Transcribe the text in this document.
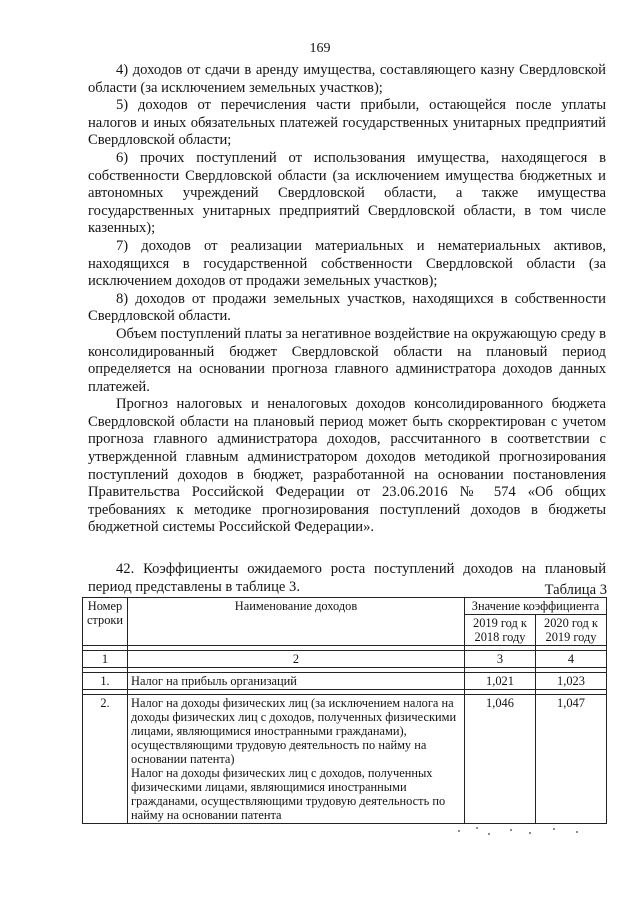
169

4) доходов от сдачи в аренду имущества, составляющего казну Свердловской области (за исключением земельных участков);

5) доходов от перечисления части прибыли, остающейся после уплаты налогов и иных обязательных платежей государственных унитарных предприятий Свердловской области;

6) прочих поступлений от использования имущества, находящегося в собственности Свердловской области (за исключением имущества бюджетных и автономных учреждений Свердловской области, а также имущества государственных унитарных предприятий Свердловской области, в том числе казенных);

7) доходов от реализации материальных и нематериальных активов, находящихся в государственной собственности Свердловской области (за исключением доходов от продажи земельных участков);

8) доходов от продажи земельных участков, находящихся в собственности Свердловской области.

Объем поступлений платы за негативное воздействие на окружающую среду в консолидированный бюджет Свердловской области на плановый период определяется на основании прогноза главного администратора доходов данных платежей.

Прогноз налоговых и неналоговых доходов консолидированного бюджета Свердловской области на плановый период может быть скорректирован с учетом прогноза главного администратора доходов, рассчитанного в соответствии с утвержденной главным администратором доходов методикой прогнозирования поступлений доходов в бюджет, разработанной на основании постановления Правительства Российской Федерации от 23.06.2016 № 574 «Об общих требованиях к методике прогнозирования поступлений доходов в бюджеты бюджетной системы Российской Федерации».

42. Коэффициенты ожидаемого роста поступлений доходов на плановый период представлены в таблице 3.	Таблица 3
Номер строки	Наименование доходов	Значение коэффициента	
		2019 год к 2018 году	2020 год к 2019 году

1	2	3	4

1.	Налог на прибыль организаций	1,021	1,023

2.	Налог на доходы физических лиц (за исключением налога на доходы физических лиц с доходов, полученных физическими лицами, являющимися иностранными гражданами), осуществляющими трудовую деятельность по найму на основании патента)
Налог на доходы физических лиц с доходов, полученных физическими лицами, являющимися иностранными гражданами, осуществляющими трудовую деятельность по найму на основании патента	1,046	1,047
